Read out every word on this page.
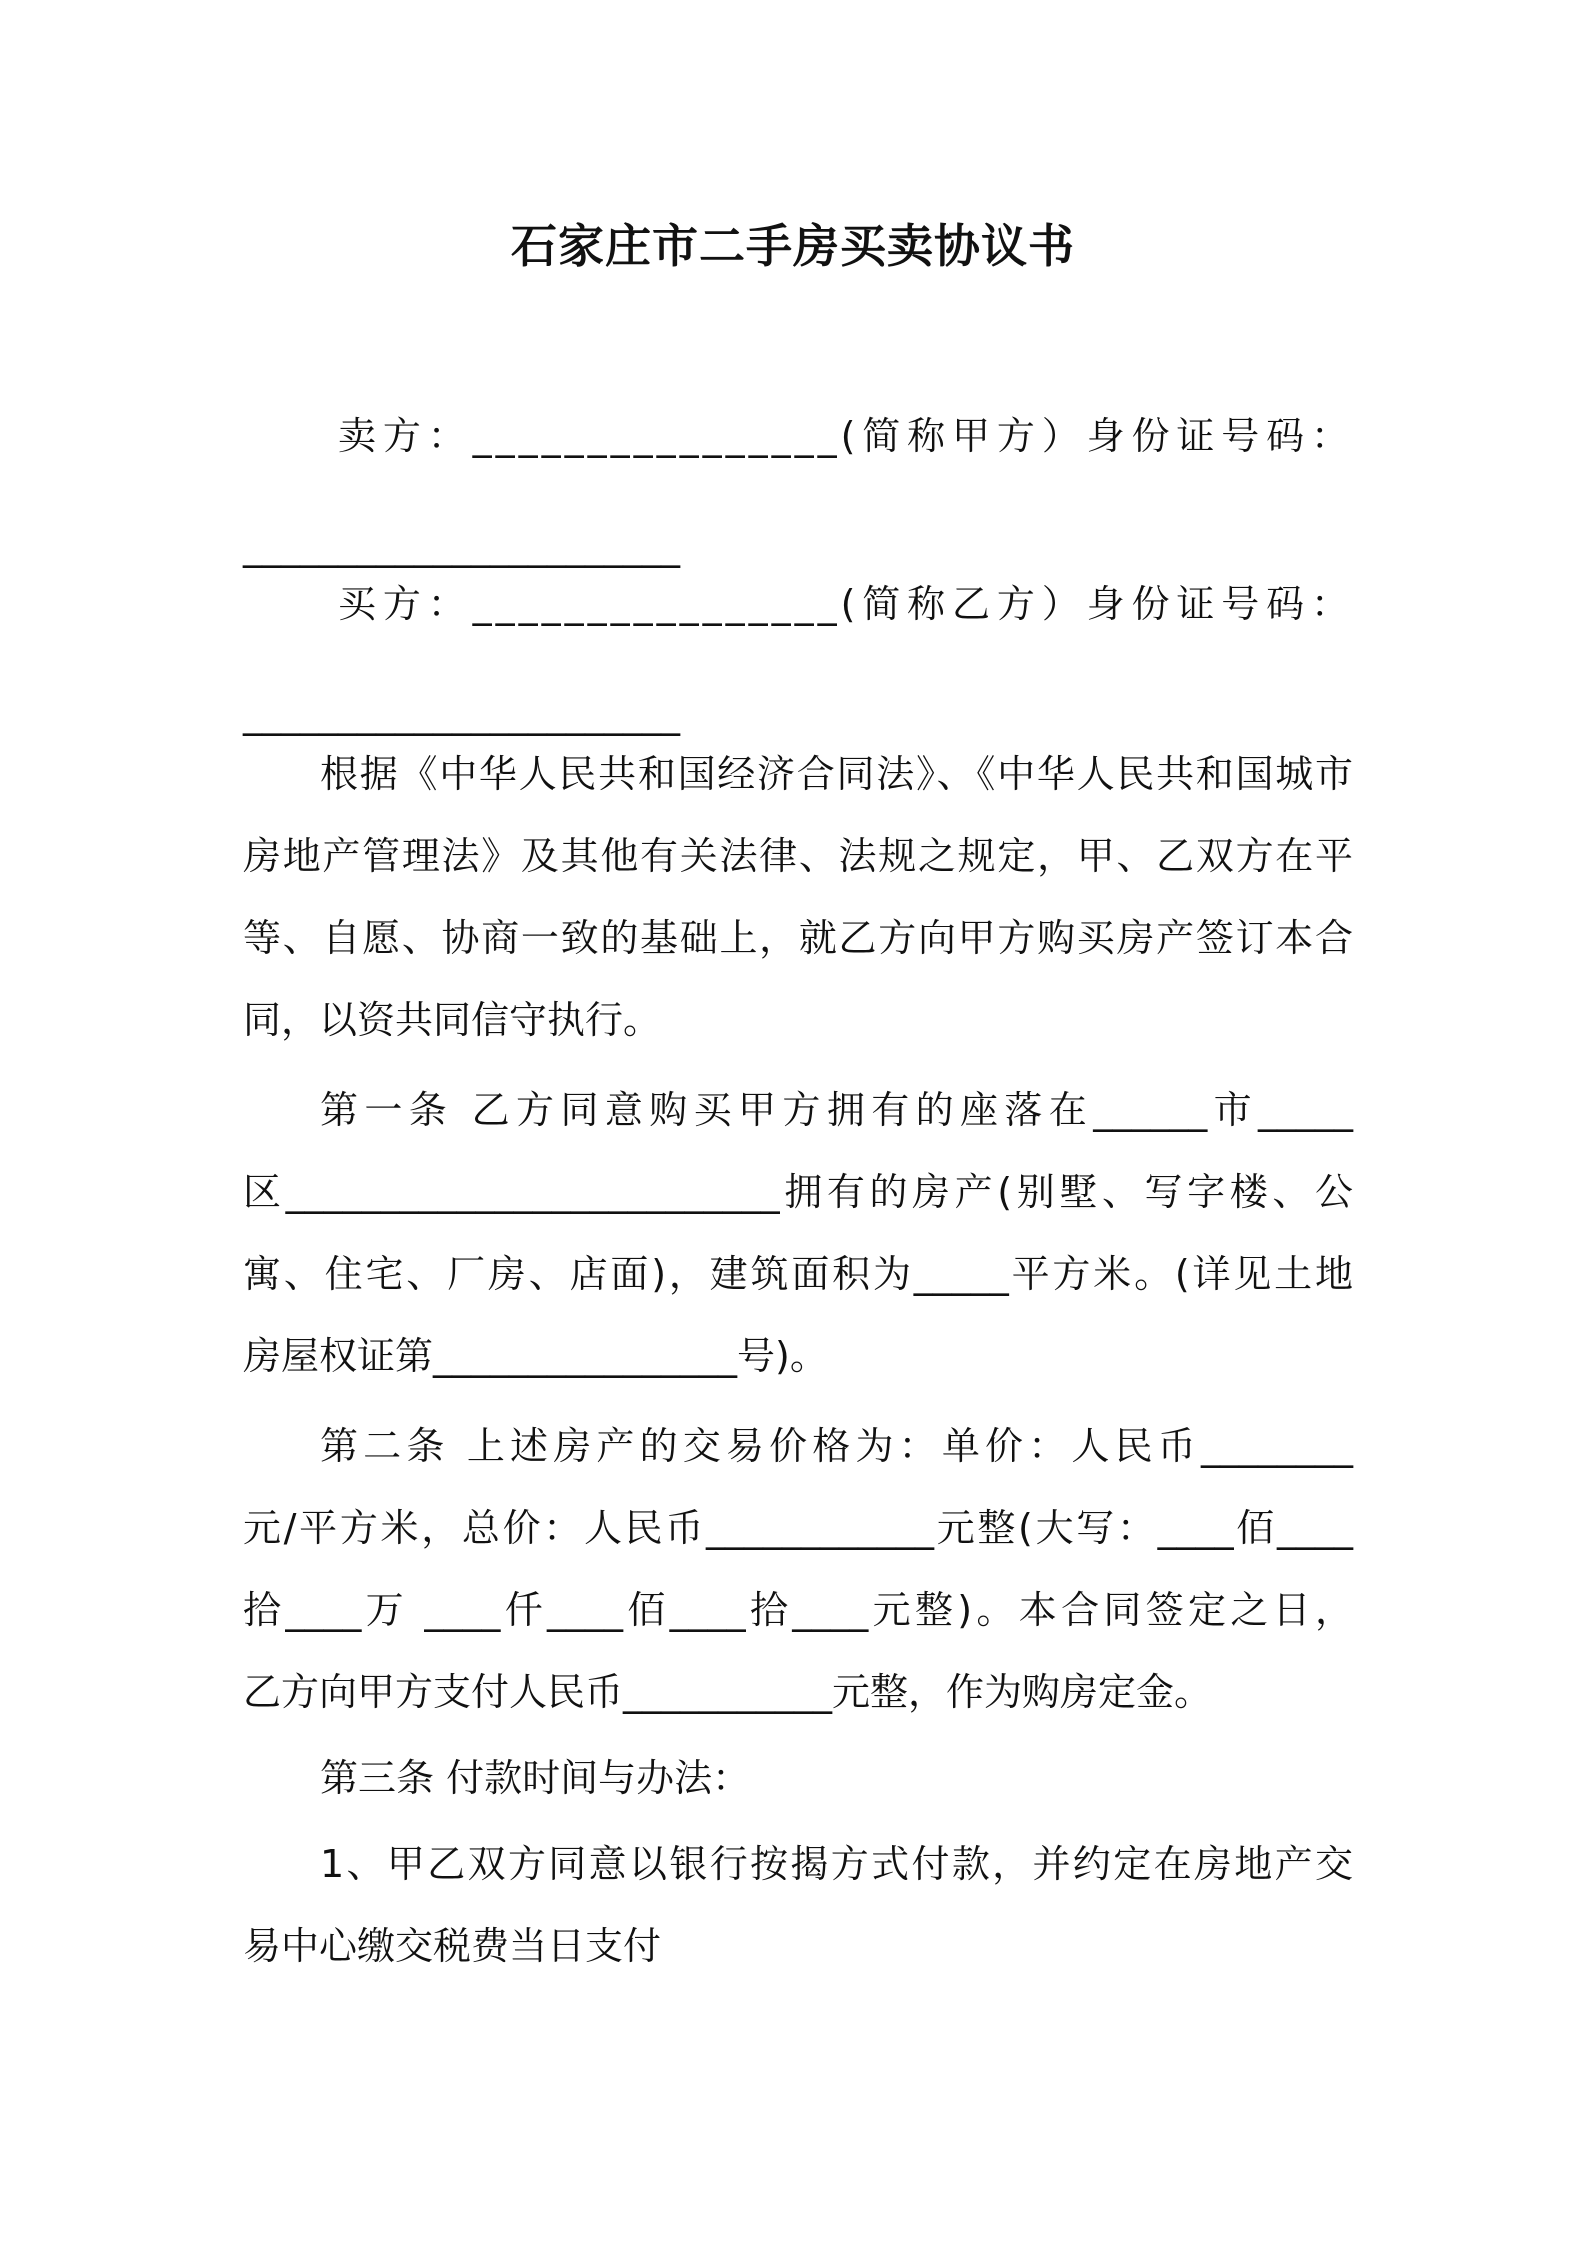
石家庄市二手房买卖协议书

卖方：________________(简称甲方）身份证号码：

_______________________

买方：________________(简称乙方）身份证号码：

_______________________

根据《中华人民共和国经济合同法》、《中华人民共和国城市

房地产管理法》及其他有关法律、法规之规定，甲、乙双方在平

等、自愿、协商一致的基础上，就乙方向甲方购买房产签订本合

同，以资共同信守执行。

第一条 乙方同意购买甲方拥有的座落在______市_____

区__________________________拥有的房产(别墅、写字楼、公

寓、住宅、厂房、店面)，建筑面积为_____平方米。(详见土地

房屋权证第________________号)。

第二条 上述房产的交易价格为：单价：人民币________

元/平方米，总价：人民币____________元整(大写：____佰____

拾____万 ____仟____佰____拾____元整)。本合同签定之日，

乙方向甲方支付人民币___________元整，作为购房定金。

第三条 付款时间与办法：

1、甲乙双方同意以银行按揭方式付款，并约定在房地产交

易中心缴交税费当日支付
